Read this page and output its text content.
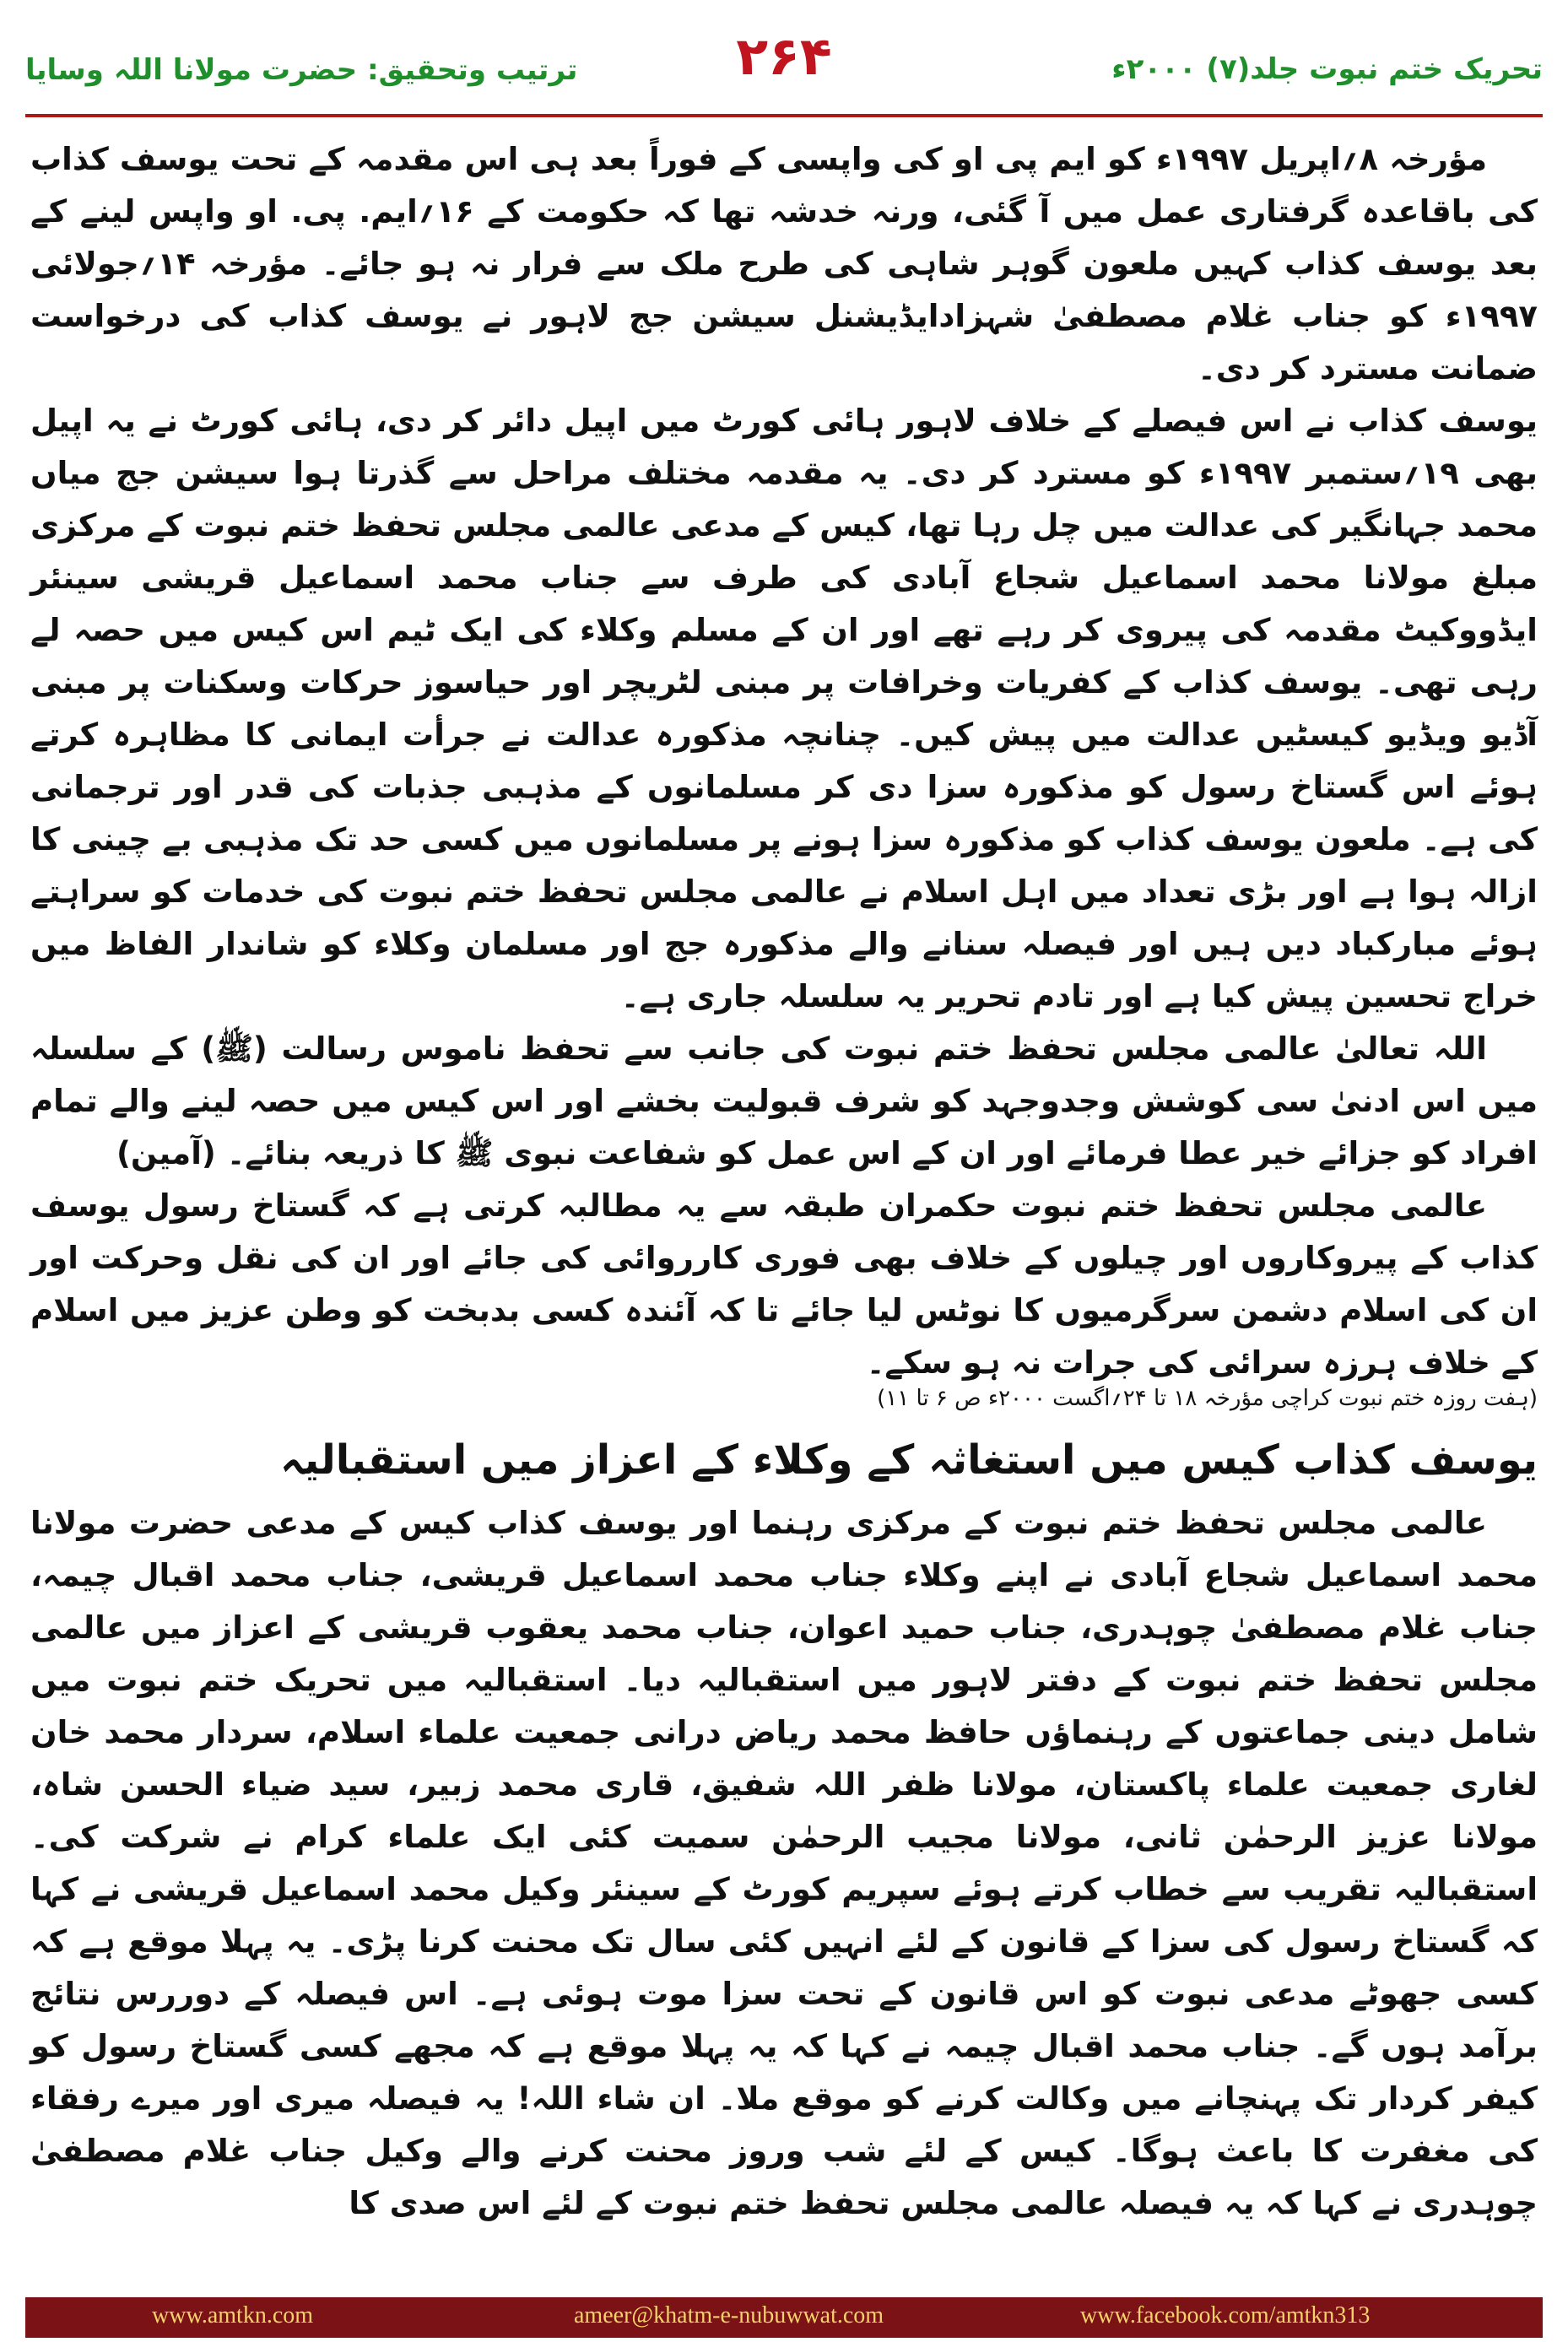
ترتیب وتحقیق: حضرت مولانا اللہ وسایا	۲۶۴	تحریک ختم نبوت جلد(۷) ۲۰۰۰ء

مؤرخہ ۸؍اپریل ۱۹۹۷ء کو ایم پی او کی واپسی کے فوراً بعد ہی اس مقدمہ کے تحت یوسف کذاب کی باقاعدہ گرفتاری عمل میں آ گئی، ورنہ خدشہ تھا کہ حکومت کے ۱۶؍ایم. پی. او واپس لینے کے بعد یوسف کذاب کہیں ملعون گوہر شاہی کی طرح ملک سے فرار نہ ہو جائے۔ مؤرخہ ۱۴؍جولائی ۱۹۹۷ء کو جناب غلام مصطفیٰ شہزادایڈیشنل سیشن جج لاہور نے یوسف کذاب کی درخواست ضمانت مسترد کر دی۔

یوسف کذاب نے اس فیصلے کے خلاف لاہور ہائی کورٹ میں اپیل دائر کر دی، ہائی کورٹ نے یہ اپیل بھی ۱۹؍ستمبر ۱۹۹۷ء کو مسترد کر دی۔ یہ مقدمہ مختلف مراحل سے گذرتا ہوا سیشن جج میاں محمد جہانگیر کی عدالت میں چل رہا تھا، کیس کے مدعی عالمی مجلس تحفظ ختم نبوت کے مرکزی مبلغ مولانا محمد اسماعیل شجاع آبادی کی طرف سے جناب محمد اسماعیل قریشی سینئر ایڈووکیٹ مقدمہ کی پیروی کر رہے تھے اور ان کے مسلم وکلاء کی ایک ٹیم اس کیس میں حصہ لے رہی تھی۔ یوسف کذاب کے کفریات وخرافات پر مبنی لٹریچر اور حیاسوز حرکات وسکنات پر مبنی آڈیو ویڈیو کیسٹیں عدالت میں پیش کیں۔ چنانچہ مذکورہ عدالت نے جرأت ایمانی کا مظاہرہ کرتے ہوئے اس گستاخ رسول کو مذکورہ سزا دی کر مسلمانوں کے مذہبی جذبات کی قدر اور ترجمانی کی ہے۔ ملعون یوسف کذاب کو مذکورہ سزا ہونے پر مسلمانوں میں کسی حد تک مذہبی بے چینی کا ازالہ ہوا ہے اور بڑی تعداد میں اہل اسلام نے عالمی مجلس تحفظ ختم نبوت کی خدمات کو سراہتے ہوئے مبارکباد دیں ہیں اور فیصلہ سنانے والے مذکورہ جج اور مسلمان وکلاء کو شاندار الفاظ میں خراج تحسین پیش کیا ہے اور تادم تحریر یہ سلسلہ جاری ہے۔

اللہ تعالیٰ عالمی مجلس تحفظ ختم نبوت کی جانب سے تحفظ ناموس رسالت (ﷺ) کے سلسلہ میں اس ادنیٰ سی کوشش وجدوجہد کو شرف قبولیت بخشے اور اس کیس میں حصہ لینے والے تمام افراد کو جزائے خیر عطا فرمائے اور ان کے اس عمل کو شفاعت نبوی ﷺ کا ذریعہ بنائے۔ (آمین)

عالمی مجلس تحفظ ختم نبوت حکمران طبقہ سے یہ مطالبہ کرتی ہے کہ گستاخ رسول یوسف کذاب کے پیروکاروں اور چیلوں کے خلاف بھی فوری کارروائی کی جائے اور ان کی نقل وحرکت اور ان کی اسلام دشمن سرگرمیوں کا نوٹس لیا جائے تا کہ آئندہ کسی بدبخت کو وطن عزیز میں اسلام کے خلاف ہرزہ سرائی کی جرات نہ ہو سکے۔

(ہفت روزہ ختم نبوت کراچی مؤرخہ ۱۸ تا ۲۴؍اگست ۲۰۰۰ء ص ۶ تا ۱۱)
یوسف کذاب کیس میں استغاثہ کے وکلاء کے اعزاز میں استقبالیہ

عالمی مجلس تحفظ ختم نبوت کے مرکزی رہنما اور یوسف کذاب کیس کے مدعی حضرت مولانا محمد اسماعیل شجاع آبادی نے اپنے وکلاء جناب محمد اسماعیل قریشی، جناب محمد اقبال چیمہ، جناب غلام مصطفیٰ چوہدری، جناب حمید اعوان، جناب محمد یعقوب قریشی کے اعزاز میں عالمی مجلس تحفظ ختم نبوت کے دفتر لاہور میں استقبالیہ دیا۔ استقبالیہ میں تحریک ختم نبوت میں شامل دینی جماعتوں کے رہنماؤں حافظ محمد ریاض درانی جمعیت علماء اسلام، سردار محمد خان لغاری جمعیت علماء پاکستان، مولانا ظفر اللہ شفیق، قاری محمد زبیر، سید ضیاء الحسن شاہ، مولانا عزیز الرحمٰن ثانی، مولانا مجیب الرحمٰن سمیت کئی ایک علماء کرام نے شرکت کی۔ استقبالیہ تقریب سے خطاب کرتے ہوئے سپریم کورٹ کے سینئر وکیل محمد اسماعیل قریشی نے کہا کہ گستاخ رسول کی سزا کے قانون کے لئے انہیں کئی سال تک محنت کرنا پڑی۔ یہ پہلا موقع ہے کہ کسی جھوٹے مدعی نبوت کو اس قانون کے تحت سزا موت ہوئی ہے۔ اس فیصلہ کے دوررس نتائج برآمد ہوں گے۔ جناب محمد اقبال چیمہ نے کہا کہ یہ پہلا موقع ہے کہ مجھے کسی گستاخ رسول کو کیفر کردار تک پہنچانے میں وکالت کرنے کو موقع ملا۔ ان شاء اللہ! یہ فیصلہ میری اور میرے رفقاء کی مغفرت کا باعث ہوگا۔ کیس کے لئے شب وروز محنت کرنے والے وکیل جناب غلام مصطفیٰ چوہدری نے کہا کہ یہ فیصلہ عالمی مجلس تحفظ ختم نبوت کے لئے اس صدی کا

www.amtkn.com	ameer@khatm-e-nubuwwat.com	www.facebook.com/amtkn313
